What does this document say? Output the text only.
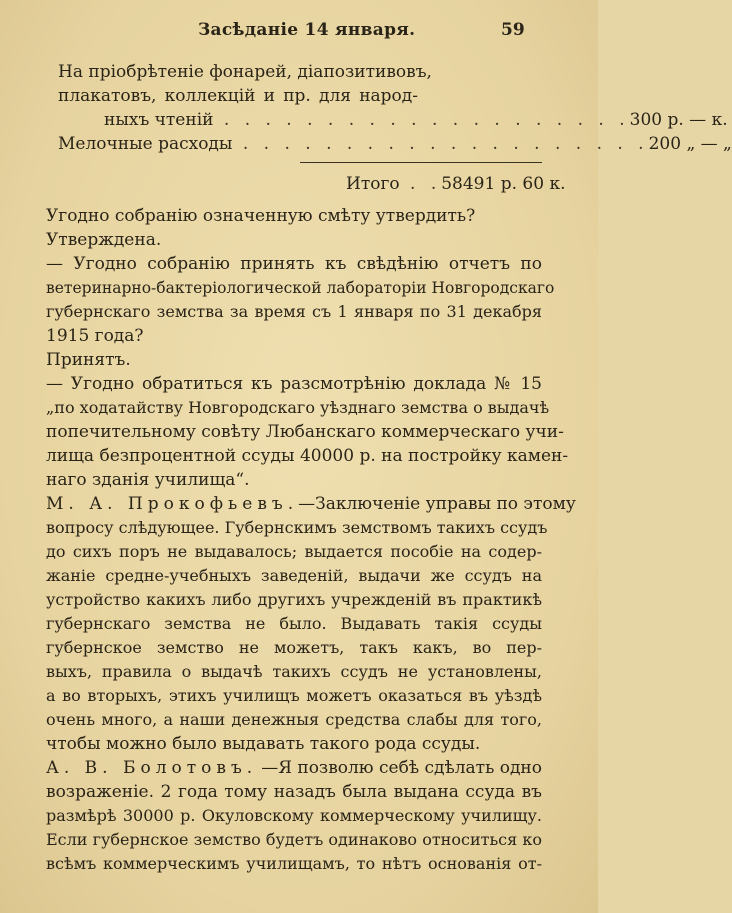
Засѣданіе 14 января.	59
На пріобрѣтеніе фонарей, діапозитивовъ,
плакатовъ, коллекцій и пр. для народ-
ныхъ чтеній . . . . . . . . . . . . . . . . . . . . 300 р. — к.
Мелочные расходы . . . . . . . . . . . . . . . . . . . . 200 „ — „
Итого . . 58491 р. 60 к.
Угодно собранію означенную смѣту утвердить?
Утверждена.
— Угодно собранію принять къ свѣдѣнію отчетъ по
ветеринарно-бактеріологической лабораторіи Новгородскаго
губернскаго земства за время съ 1 января по 31 декабря
1915 года?
Принятъ.
— Угодно обратиться къ разсмотрѣнію доклада № 15
„по ходатайству Новгородскаго уѣзднаго земства о выдачѣ
попечительному совѣту Любанскаго коммерческаго учи-
лища безпроцентной ссуды 40000 р. на постройку камен-
наго зданія училища“.
М. А. Прокофьевъ. —Заключеніе управы по этому
вопросу слѣдующее. Губернскимъ земствомъ такихъ ссудъ
до сихъ поръ не выдавалось; выдается пособіе на содер-
жаніе средне-учебныхъ заведеній, выдачи же ссудъ на
устройство какихъ либо другихъ учрежденій въ практикѣ
губернскаго земства не было. Выдавать такія ссуды
губернское земство не можетъ, такъ какъ, во пер-
выхъ, правила о выдачѣ такихъ ссудъ не установлены,
а во вторыхъ, этихъ училищъ можетъ оказаться въ уѣздѣ
очень много, а наши денежныя средства слабы для того,
чтобы можно было выдавать такого рода ссуды.
А. В. Болотовъ. —Я позволю себѣ сдѣлать одно
возраженіе. 2 года тому назадъ была выдана ссуда въ
размѣрѣ 30000 р. Окуловскому коммерческому училищу.
Если губернское земство будетъ одинаково относиться ко
всѣмъ коммерческимъ училищамъ, то нѣтъ основанія от-
